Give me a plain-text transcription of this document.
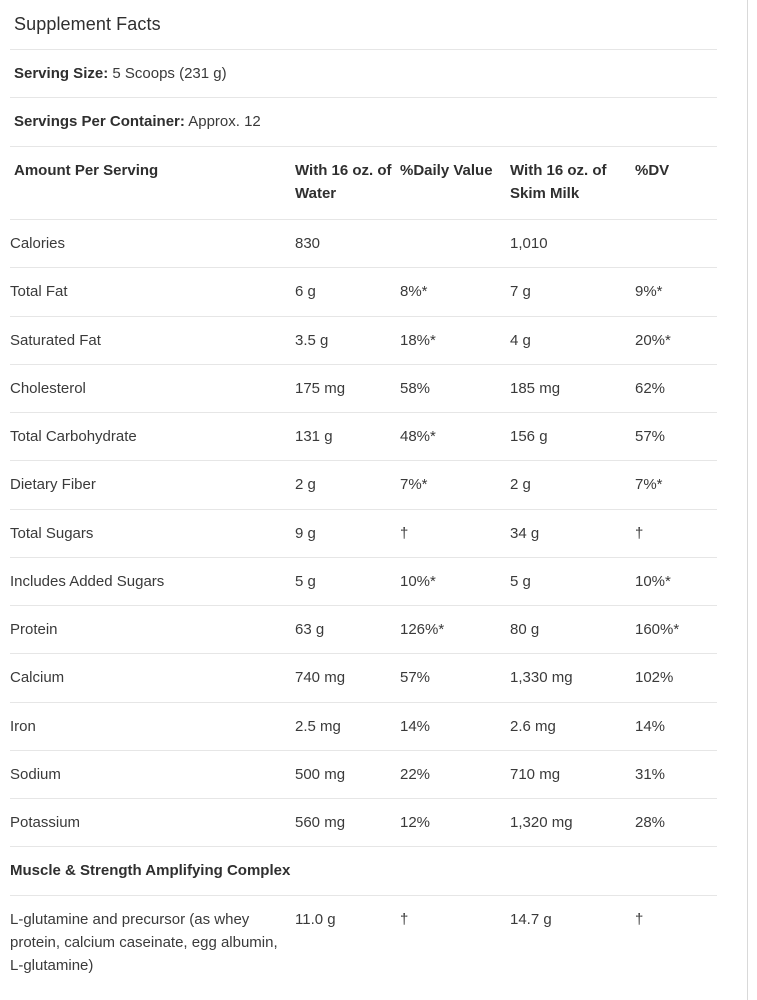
Supplement Facts
Serving Size: 5 Scoops (231 g)				
Servings Per Container: Approx. 12				
Amount Per Serving	With 16 oz. of Water	%Daily Value	With 16 oz. of Skim Milk	%DV
Calories	830		1,010	
Total Fat	6 g	8%*	7 g	9%*
Saturated Fat	3.5 g	18%*	4 g	20%*
Cholesterol	175 mg	58%	185 mg	62%
Total Carbohydrate	131 g	48%*	156 g	57%
Dietary Fiber	2 g	7%*	2 g	7%*
Total Sugars	9 g	†	34 g	†
Includes Added Sugars	5 g	10%*	5 g	10%*
Protein	63 g	126%*	80 g	160%*
Calcium	740 mg	57%	1,330 mg	102%
Iron	2.5 mg	14%	2.6 mg	14%
Sodium	500 mg	22%	710 mg	31%
Potassium	560 mg	12%	1,320 mg	28%
Muscle & Strength Amplifying Complex				
L-glutamine and precursor (as whey protein, calcium caseinate, egg albumin, L-glutamine)	11.0 g	†	14.7 g	†
